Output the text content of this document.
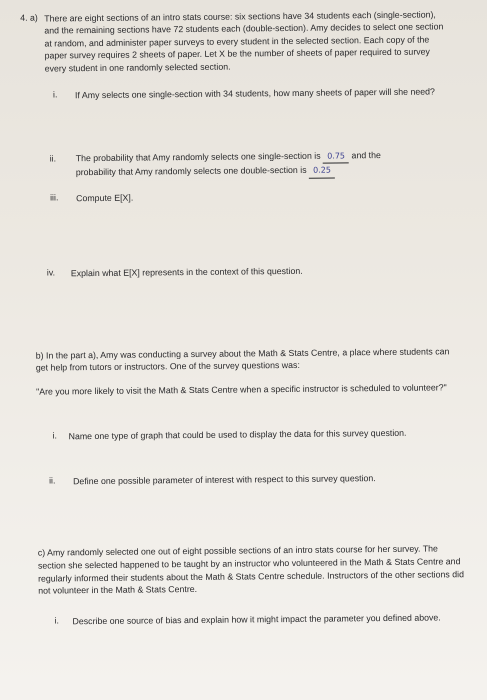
4. a) There are eight sections of an intro stats course: six sections have 34 students each (single-section), and the remaining sections have 72 students each (double-section). Amy decides to select one section at random, and administer paper surveys to every student in the selected section. Each copy of the paper survey requires 2 sheets of paper. Let X be the number of sheets of paper required to survey every student in one randomly selected section.
i. If Amy selects one single-section with 34 students, how many sheets of paper will she need?
ii. The probability that Amy randomly selects one single-section is 0.75 and the
probability that Amy randomly selects one double-section is 0.25
iii. Compute E[X].
iv. Explain what E[X] represents in the context of this question.
b) In the part a), Amy was conducting a survey about the Math & Stats Centre, a place where students can get help from tutors or instructors. One of the survey questions was:
"Are you more likely to visit the Math & Stats Centre when a specific instructor is scheduled to volunteer?"
i. Name one type of graph that could be used to display the data for this survey question.
ii. Define one possible parameter of interest with respect to this survey question.
c) Amy randomly selected one out of eight possible sections of an intro stats course for her survey. The section she selected happened to be taught by an instructor who volunteered in the Math & Stats Centre and regularly informed their students about the Math & Stats Centre schedule. Instructors of the other sections did not volunteer in the Math & Stats Centre.
i. Describe one source of bias and explain how it might impact the parameter you defined above.
